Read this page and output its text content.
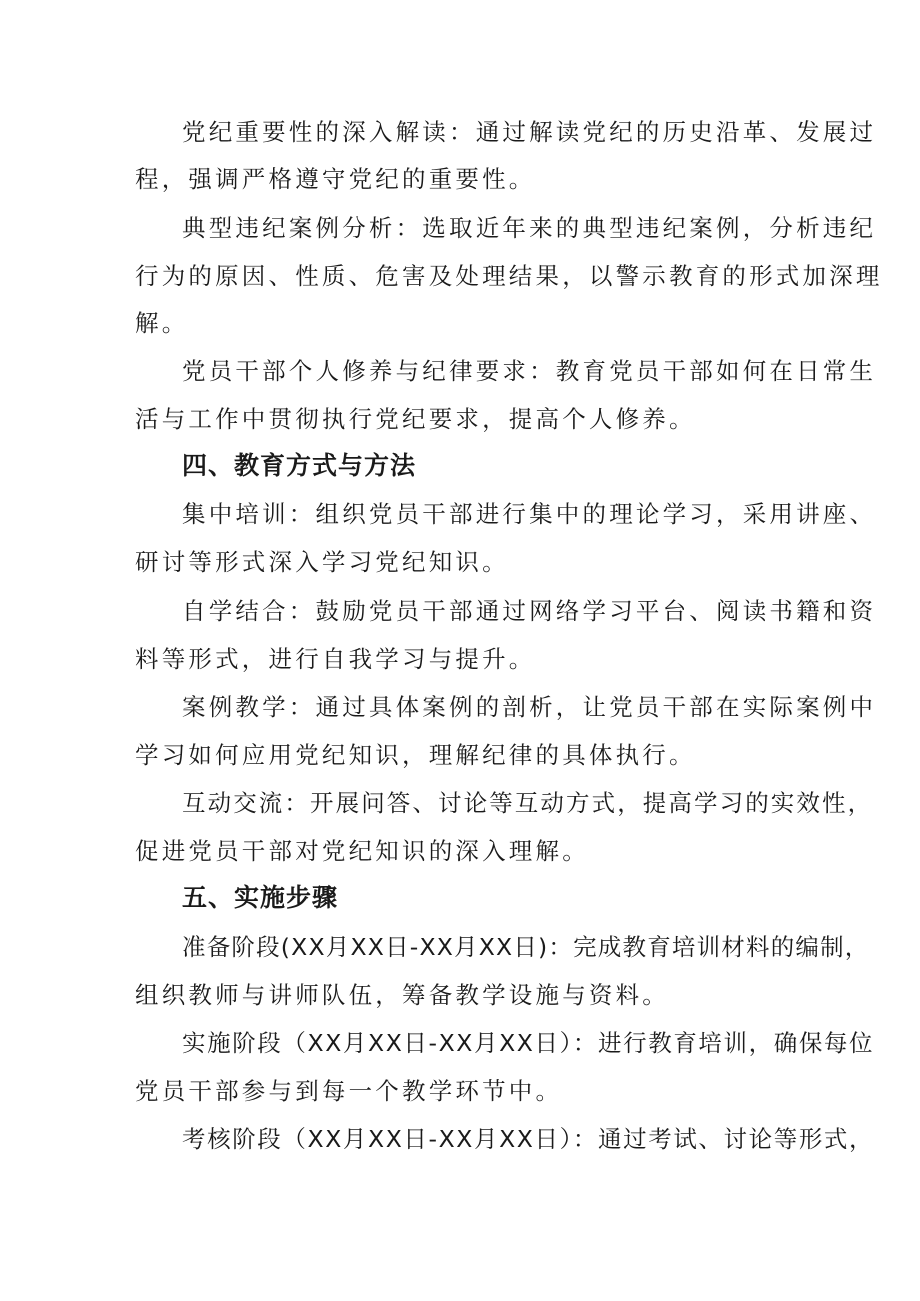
党纪重要性的深入解读：通过解读党纪的历史沿革、发展过
程，强调严格遵守党纪的重要性。
典型违纪案例分析：选取近年来的典型违纪案例，分析违纪
行为的原因、性质、危害及处理结果，以警示教育的形式加深理
解。
党员干部个人修养与纪律要求：教育党员干部如何在日常生
活与工作中贯彻执行党纪要求，提高个人修养。
四、教育方式与方法
集中培训：组织党员干部进行集中的理论学习，采用讲座、
研讨等形式深入学习党纪知识。
自学结合：鼓励党员干部通过网络学习平台、阅读书籍和资
料等形式，进行自我学习与提升。
案例教学：通过具体案例的剖析，让党员干部在实际案例中
学习如何应用党纪知识，理解纪律的具体执行。
互动交流：开展问答、讨论等互动方式，提高学习的实效性，
促进党员干部对党纪知识的深入理解。
五、实施步骤
准备阶段(XX月XX日-XX月XX日)：完成教育培训材料的编制，
组织教师与讲师队伍，筹备教学设施与资料。
实施阶段（XX月XX日-XX月XX日）：进行教育培训，确保每位
党员干部参与到每一个教学环节中。
考核阶段（XX月XX日-XX月XX日）：通过考试、讨论等形式，
